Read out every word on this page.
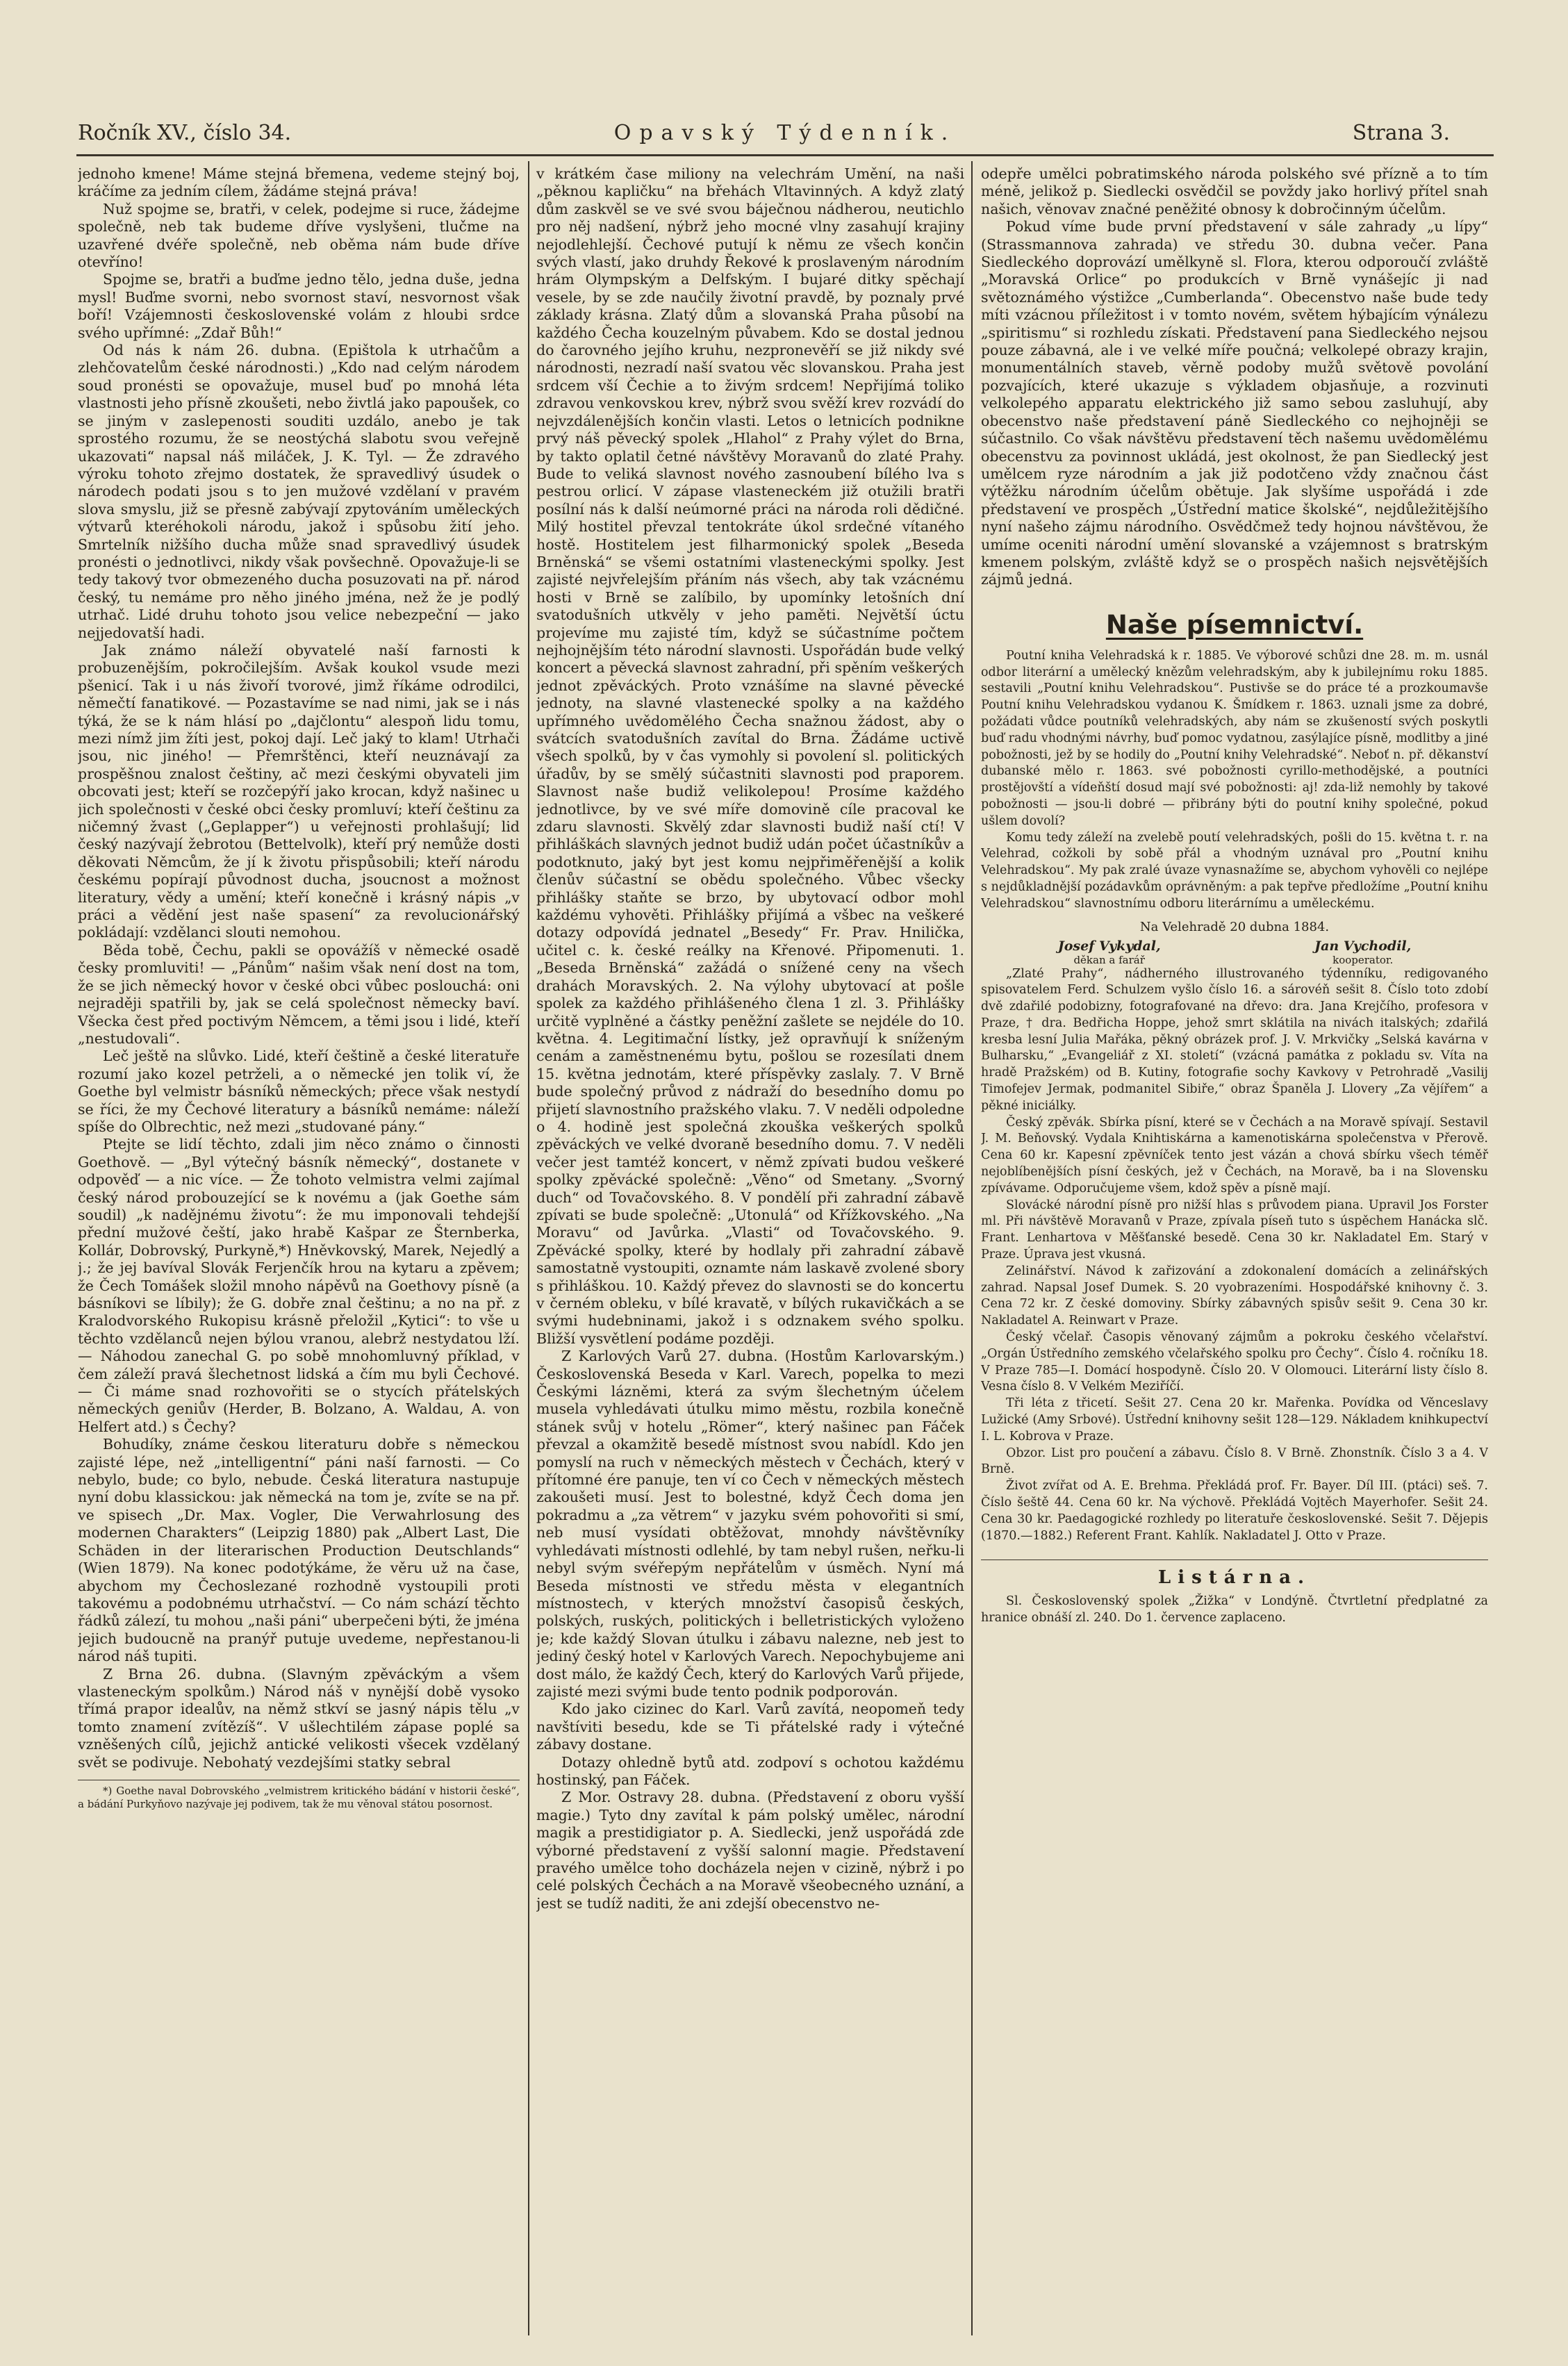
Ročník XV., číslo 34.	Opavský Týdenník.	Strana 3.

jednoho kmene! Máme stejná břemena, vedeme stejný boj, kráčíme za jedním cílem, žádáme stejná práva!

Nuž spojme se, bratři, v celek, podejme si ruce, žádejme společně, neb tak budeme dříve vyslyšeni, tlučme na uzavřené dvéře společně, neb oběma nám bude dříve otevříno!

Spojme se, bratři a buďme jedno tělo, jedna duše, jedna mysl! Buďme svorni, nebo svornost staví, nesvornost však boří! Vzájemnosti československé volám z hloubi srdce svého upřímné: „Zdař Bůh!“

Od nás k nám 26. dubna. (Epištola k utrhačům a zlehčovatelům české národnosti.) „Kdo nad celým národem soud pronésti se opovažuje, musel buď po mnohá léta vlastnosti jeho přísně zkoušeti, nebo živtlá jako papoušek, co se jiným v zaslepenosti souditi uzdálo, anebo je tak sprostého rozumu, že se neostýchá slabotu svou veřejně ukazovati“ napsal náš miláček, J. K. Tyl. — Že zdravého výroku tohoto zřejmo dostatek, že spravedlivý úsudek o národech podati jsou s to jen mužové vzdělaní v pravém slova smyslu, již se přesně zabývají zpytováním uměleckých výtvarů kteréhokoli národu, jakož i spůsobu žití jeho. Smrtelník nižšího ducha může snad spravedlivý úsudek pronésti o jednotlivci, nikdy však povšechně. Opovažuje-li se tedy takový tvor obmezeného ducha posuzovati na př. národ český, tu nemáme pro něho jiného jména, než že je podlý utrhač. Lidé druhu tohoto jsou velice nebezpeční — jako nejjedovatší hadi.

Jak známo náleží obyvatelé naší farnosti k probuzenějším, pokročilejším. Avšak koukol vsude mezi pšenicí. Tak i u nás živoří tvorové, jimž říkáme odrodilci, němečtí fanatikové. — Pozastavíme se nad nimi, jak se i nás týká, že se k nám hlásí po „dajčlontu“ alespoň lidu tomu, mezi nímž jim žíti jest, pokoj dají. Leč jaký to klam! Utrhači jsou, nic jiného! — Přemrštěnci, kteří neuznávají za prospěšnou znalost češtiny, ač mezi českými obyvateli jim obcovati jest; kteří se rozčepýří jako krocan, když našinec u jich společnosti v české obci česky promluví; kteří češtinu za ničemný žvast („Geplapper“) u veřejnosti prohlašují; lid český nazývají žebrotou (Bettelvolk), kteří prý nemůže dosti děkovati Němcům, že jí k životu přispůsobili; kteří národu českému popírají původnost ducha, jsoucnost a možnost literatury, vědy a umění; kteří konečně i krásný nápis „v práci a vědění jest naše spasení“ za revolucionářský pokládají: vzdělanci slouti nemohou.

Běda tobě, Čechu, pakli se opovážíš v německé osadě česky promluviti! — „Pánům“ našim však není dost na tom, že se jich německý hovor v české obci vůbec poslouchá: oni nejraději spatřili by, jak se celá společnost německy baví. Všecka čest před poctivým Němcem, a těmi jsou i lidé, kteří „nestudovali“.

Leč ještě na slůvko. Lidé, kteří češtině a české literatuře rozumí jako kozel petrželi, a o německé jen tolik ví, že Goethe byl velmistr básníků německých; přece však nestydí se říci, že my Čechové literatury a básníků nemáme: náleží spíše do Olbrechtic, než mezi „studované pány.“

Ptejte se lidí těchto, zdali jim něco známo o činnosti Goethově. — „Byl výtečný básník německý“, dostanete v odpověď — a nic více. — Že tohoto velmistra velmi zajímal český národ probouzející se k novému a (jak Goethe sám soudil) „k nadějnému životu“: že mu imponovali tehdejší přední mužové čeští, jako hrabě Kašpar ze Šternberka, Kollár, Dobrovský, Purkyně,*) Hněvkovský, Marek, Nejedlý a j.; že jej bavíval Slovák Ferjenčík hrou na kytaru a zpěvem; že Čech Tomášek složil mnoho nápěvů na Goethovy písně (a básníkovi se líbily); že G. dobře znal češtinu; a no na př. z Kralodvorského Rukopisu krásně přeložil „Kytici“: to vše u těchto vzdělanců nejen býlou vranou, alebrž nestydatou lží. — Náhodou zanechal G. po sobě mnohomluvný příklad, v čem záleží pravá šlechetnost lidská a čím mu byli Čechové. — Či máme snad rozhovořiti se o stycích přátelských německých geniův (Herder, B. Bolzano, A. Waldau, A. von Helfert atd.) s Čechy?

Bohudíky, známe českou literaturu dobře s německou zajisté lépe, než „intelligentní“ páni naší farnosti. — Co nebylo, bude; co bylo, nebude. Česká literatura nastupuje nyní dobu klassickou: jak německá na tom je, zvíte se na př. ve spisech „Dr. Max. Vogler, Die Verwahrlosung des modernen Charakters“ (Leipzig 1880) pak „Albert Last, Die Schäden in der literarischen Production Deutschlands“ (Wien 1879). Na konec podotýkáme, že věru už na čase, abychom my Čechoslezané rozhodně vystoupili proti takovému a podobnému utrhačství. — Co nám schází těchto řádků zálezí, tu mohou „naši páni“ uberpečeni býti, že jména jejich budoucně na pranýř putuje uvedeme, nepřestanou-li národ náš tupiti.

Z Brna 26. dubna. (Slavným zpěváckým a všem vlasteneckým spolkům.) Národ náš v nynější době vysoko třímá prapor idealův, na němž stkví se jasný nápis tělu „v tomto znamení zvítězíš“. V ušlechtilém zápase poplé sa vzněšených cílů, jejichž antické velikosti všecek vzdělaný svět se podivuje. Nebohatý vezdejšími statky sebral

*) Goethe naval Dobrovského „velmistrem kritického bádání v historii české“, a bádání Purkyňovo nazývaje jej podivem, tak že mu věnoval státou posornost.

v krátkém čase miliony na velechrám Umění, na naši „pěknou kapličku“ na břehách Vltavinných. A když zlatý dům zaskvěl se ve své svou báječnou nádherou, neutichlo pro něj nadšení, nýbrž jeho mocné vlny zasahují krajiny nejodlehlejší. Čechové putují k němu ze všech končin svých vlastí, jako druhdy Řekové k proslaveným národním hrám Olympským a Delfským. I bujaré ditky spěchají vesele, by se zde naučily životní pravdě, by poznaly prvé základy krásna. Zlatý dům a slovanská Praha působí na každého Čecha kouzelným půvabem. Kdo se dostal jednou do čarovného jejího kruhu, nezpronevěří se již nikdy své národnosti, nezradí naší svatou věc slovanskou. Praha jest srdcem vší Čechie a to živým srdcem! Nepřijímá toliko zdravou venkovskou krev, nýbrž svou svěží krev rozvádí do nejvzdálenějších končin vlasti. Letos o letnicích podnikne prvý náš pěvecký spolek „Hlahol“ z Prahy výlet do Brna, by takto oplatil četné návštěvy Moravanů do zlaté Prahy. Bude to veliká slavnost nového zasnoubení bílého lva s pestrou orlicí. V zápase vlasteneckém již otužili bratři posílní nás k další neúmorné práci na národa roli dědičné. Milý hostitel převzal tentokráte úkol srdečné vítaného hostě. Hostitelem jest filharmonický spolek „Beseda Brněnská“ se všemi ostatními vlasteneckými spolky. Jest zajisté nejvřelejším přáním nás všech, aby tak vzácnému hosti v Brně se zalíbilo, by upomínky letošních dní svatodušních utkvěly v jeho paměti. Největší úctu projevíme mu zajisté tím, když se súčastníme počtem nejhojnějším této národní slavnosti. Uspořádán bude velký koncert a pěvecká slavnost zahradní, při spěním veškerých jednot zpěváckých. Proto vznášíme na slavné pěvecké jednoty, na slavné vlastenecké spolky a na každého upřímného uvědomělého Čecha snažnou žádost, aby o svátcích svatodušních zavítal do Brna. Žádáme uctivě všech spolků, by v čas vymohly si povolení sl. politických úřadův, by se smělý súčastniti slavnosti pod praporem. Slavnost naše budiž velikolepou! Prosíme každého jednotlivce, by ve své míře domovině cíle pracoval ke zdaru slavnosti. Skvělý zdar slavnosti budiž naší ctí! V přihláškách slavných jednot budiž udán počet účastníkův a podotknuto, jaký byt jest komu nejpřiměřenější a kolik členův súčastní se obědu společného. Vůbec všecky přihlášky staňte se brzo, by ubytovací odbor mohl každému vyhověti. Přihlášky přijímá a všbec na veškeré dotazy odpovídá jednatel „Besedy“ Fr. Prav. Hnilička, učitel c. k. české reálky na Křenové. Připomenuti. 1. „Beseda Brněnská“ zažádá o snížené ceny na všech drahách Moravských. 2. Na výlohy ubytovací at pošle spolek za každého přihlášeného člena 1 zl. 3. Přihlášky určitě vyplněné a částky peněžní zašlete se nejdéle do 10. května. 4. Legitimační lístky, jež opravňují k sníženým cenám a zaměstnenému bytu, pošlou se rozesílati dnem 15. května jednotám, které příspěvky zaslaly. 7. V Brně bude společný průvod z nádraží do besedního domu po přijetí slavnostního pražského vlaku. 7. V neděli odpoledne o 4. hodině jest společná zkouška veškerých spolků zpěváckých ve velké dvoraně besedního domu. 7. V neděli večer jest tamtéž koncert, v němž zpívati budou veškeré spolky zpěvácké společně: „Věno“ od Smetany. „Svorný duch“ od Tovačovského. 8. V pondělí při zahradní zábavě zpívati se bude společně: „Utonulá“ od Křížkovského. „Na Moravu“ od Javůrka. „Vlasti“ od Tovačovského. 9. Zpěvácké spolky, které by hodlaly při zahradní zábavě samostatně vystoupiti, oznamte nám laskavě zvolené sbory s přihláškou. 10. Každý převez do slavnosti se do koncertu v černém obleku, v bílé kravatě, v bílých rukavičkách a se svými hudebninami, jakož i s odznakem svého spolku. Bližší vysvětlení podáme později.

Z Karlových Varů 27. dubna. (Hostům Karlovarským.) Československá Beseda v Karl. Varech, popelka to mezi Českými lázněmi, která za svým šlechetným účelem musela vyhledávati útulku mimo městu, rozbila konečně stánek svůj v hotelu „Römer“, který našinec pan Fáček převzal a okamžitě besedě místnost svou nabídl. Kdo jen pomyslí na ruch v německých městech v Čechách, který v přítomné ére panuje, ten ví co Čech v německých městech zakoušeti musí. Jest to bolestné, když Čech doma jen pokradmu a „za větrem“ v jazyku svém pohovořiti si smí, neb musí vysídati obtěžovat, mnohdy návštěvníky vyhledávati místnosti odlehlé, by tam nebyl rušen, neřku-li nebyl svým svéřepým nepřátelům v úsměch. Nyní má Beseda místnosti ve středu města v elegantních místnostech, v kterých množství časopisů českých, polských, ruských, politických i belletristických vyloženo je; kde každý Slovan útulku i zábavu nalezne, neb jest to jediný český hotel v Karlových Varech. Nepochybujeme ani dost málo, že každý Čech, který do Karlových Varů přijede, zajisté mezi svými bude tento podnik podporován.

Kdo jako cizinec do Karl. Varů zavítá, neopomeň tedy navštíviti besedu, kde se Ti přátelské rady i výtečné zábavy dostane.

Dotazy ohledně bytů atd. zodpoví s ochotou každému hostinský, pan Fáček.

Z Mor. Ostravy 28. dubna. (Představení z oboru vyšší magie.) Tyto dny zavítal k pám polský umělec, národní magik a prestidigiator p. A. Siedlecki, jenž uspořádá zde výborné představení z vyšší salonní magie. Představení pravého umělce toho docházela nejen v cizině, nýbrž i po celé polských Čechách a na Moravě všeobecného uznání, a jest se tudíž naditi, že ani zdejší obecenstvo ne-

odepře umělci pobratimského národa polského své přízně a to tím méně, jelikož p. Siedlecki osvědčil se povždy jako horlivý přítel snah našich, věnovav značné peněžité obnosy k dobročinným účelům.

Pokud víme bude první představení v sále zahrady „u lípy“ (Strassmannova zahrada) ve středu 30. dubna večer. Pana Siedleckého doprovází umělkyně sl. Flora, kterou odporoučí zvláště „Moravská Orlice“ po produkcích v Brně vynášejíc ji nad světoznámého výstižce „Cumberlanda“. Obecenstvo naše bude tedy míti vzácnou příležitost i v tomto novém, světem hýbajícím výnálezu „spiritismu“ si rozhledu získati. Představení pana Siedleckého nejsou pouze zábavná, ale i ve velké míře poučná; velkolepé obrazy krajin, monumentálních staveb, věrně podoby mužů světově povolání pozvajících, které ukazuje s výkladem objasňuje, a rozvinuti velkolepého apparatu elektrického již samo sebou zasluhují, aby obecenstvo naše představení páně Siedleckého co nejhojněji se súčastnilo. Co však návštěvu představení těch našemu uvědomělému obecenstvu za povinnost ukládá, jest okolnost, že pan Siedlecký jest umělcem ryze národním a jak již podotčeno vždy značnou část výtěžku národním účelům obětuje. Jak slyšíme uspořádá i zde představení ve prospěch „Ústřední matice školské“, nejdůležitějšího nyní našeho zájmu národního. Osvědčmež tedy hojnou návštěvou, že umíme oceniti národní umění slovanské a vzájemnost s bratrským kmenem polským, zvláště když se o prospěch našich nejsvětějších zájmů jedná.

Naše písemnictví.

Poutní kniha Velehradská k r. 1885. Ve výborové schůzi dne 28. m. m. usnál odbor literární a umělecký knězům velehradským, aby k jubilejnímu roku 1885. sestavili „Poutní knihu Velehradskou“. Pustivše se do práce té a prozkoumavše Poutní knihu Velehradskou vydanou K. Šmídkem r. 1863. uznali jsme za dobré, požádati vůdce poutníků velehradských, aby nám se zkušeností svých poskytli buď radu vhodnými návrhy, buď pomoc vydatnou, zasýlajíce písně, modlitby a jiné pobožnosti, jež by se hodily do „Poutní knihy Velehradské“. Neboť n. př. děkanství dubanské mělo r. 1863. své pobožnosti cyrillo-methodějské, a poutníci prostějovští a vídeňští dosud mají své pobožnosti: aj! zda-liž nemohly by takové pobožnosti — jsou-li dobré — přibrány býti do poutní knihy společné, pokud ušlem dovolí?

Komu tedy záleží na zvelebě poutí velehradských, pošli do 15. května t. r. na Velehrad, cožkoli by sobě přál a vhodným uznával pro „Poutní knihu Velehradskou“. My pak zralé úvaze vynasnažíme se, abychom vyhověli co nejlépe s nejdůkladnější pozádavkům oprávněným: a pak tepřve předložíme „Poutní knihu Velehradskou“ slavnostnímu odboru literárnímu a uměleckému.

Na Velehradě 20 dubna 1884.
Josef Vykydal,
děkan a farář
Jan Vychodil,
kooperator.

„Zlaté Prahy“, nádherného illustrovaného týdenníku, redigovaného spisovatelem Ferd. Schulzem vyšlo číslo 16. a sárovéň sešit 8. Číslo toto zdobí dvě zdařilé podobizny, fotografované na dřevo: dra. Jana Krejčího, profesora v Praze, † dra. Bedřicha Hoppe, jehož smrt sklátila na nivách italských; zdařilá kresba lesní Julia Mařáka, pěkný obrázek prof. J. V. Mrkvičky „Selská kavárna v Bulharsku,“ „Evangeliář z XI. století“ (vzácná památka z pokladu sv. Víta na hradě Pražském) od B. Kutiny, fotografie sochy Kavkovy v Petrohradě „Vasilij Timofejev Jermak, podmanitel Sibiře,“ obraz Španěla J. Llovery „Za vějířem“ a pěkné iniciálky.

Český zpěvák. Sbírka písní, které se v Čechách a na Moravě spívají. Sestavil J. M. Beňovský. Vydala Knihtiskárna a kamenotiskárna společenstva v Přerově. Cena 60 kr. Kapesní zpěvníček tento jest vázán a chová sbírku všech téměř nejoblíbenějších písní českých, jež v Čechách, na Moravě, ba i na Slovensku zpívávame. Odporučujeme všem, kdož spěv a písně mají.

Slovácké národní písně pro nižší hlas s průvodem piana. Upravil Jos Forster ml. Při návštěvě Moravanů v Praze, zpívala píseň tuto s úspěchem Hanácka slč. Frant. Lenhartova v Měšťanské besedě. Cena 30 kr. Nakladatel Em. Starý v Praze. Úprava jest vkusná.

Zelinářství. Návod k zařizování a zdokonalení domácích a zelinářských zahrad. Napsal Josef Dumek. S. 20 vyobrazeními. Hospodářské knihovny č. 3. Cena 72 kr. Z české domoviny. Sbírky zábavných spisův sešit 9. Cena 30 kr. Nakladatel A. Reinwart v Praze.

Český včelař. Časopis věnovaný zájmům a pokroku českého včelařství. „Orgán Ústředního zemského včelařského spolku pro Čechy“. Číslo 4. ročníku 18. V Praze 785—I. Domácí hospodyně. Číslo 20. V Olomouci. Literární listy číslo 8. Vesna číslo 8. V Velkém Meziříčí.

Tři léta z třicetí. Sešit 27. Cena 20 kr. Mařenka. Povídka od Věnceslavy Lužické (Amy Srbové). Ústřední knihovny sešit 128—129. Nákladem knihkupectví I. L. Kobrova v Praze.

Obzor. List pro poučení a zábavu. Číslo 8. V Brně. Zhonstník. Číslo 3 a 4. V Brně.

Život zvířat od A. E. Brehma. Překládá prof. Fr. Bayer. Díl III. (ptáci) seš. 7. Číslo šeště 44. Cena 60 kr. Na výchově. Překládá Vojtěch Mayerhofer. Sešit 24. Cena 30 kr. Paedagogické rozhledy po literatuře československé. Sešit 7. Dějepis (1870.—1882.) Referent Frant. Kahlík. Nakladatel J. Otto v Praze.

Listárna.

Sl. Československý spolek „Žižka“ v Londýně. Čtvrtletní předplatné za hranice obnáší zl. 240. Do 1. července zaplaceno.
